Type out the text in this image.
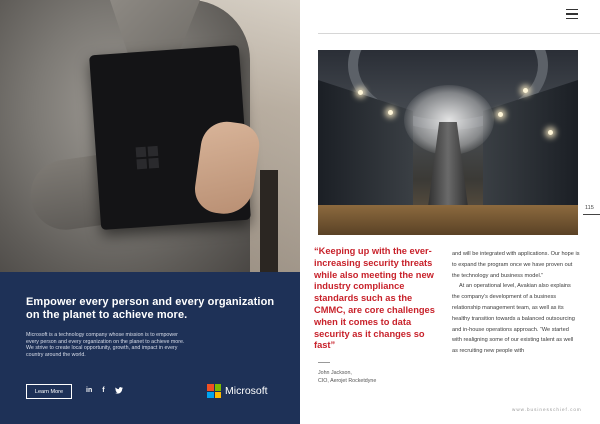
Empower every person and every organization on the planet to achieve more.
Microsoft is a technology company whose mission is to empower every person and every organization on the planet to achieve more. We strive to create local opportunity, growth, and impact in every country around the world.
Learn More	in f	Microsoft
115
“Keeping up with the ever-increasing security threats while also meeting the new industry compliance standards such as the CMMC, are core challenges when it comes to data security as it changes so fast”
John Jackson,
CIO, Aerojet Rocketdyne

and will be integrated with applications. Our hope is to expand the program once we have proven out the technology and business model.”

At an operational level, Avakian also explains the company’s development of a business relationship management team, as well as its healthy transition towards a balanced outsourcing and in-house operations approach. “We started with realigning some of our existing talent as well as recruiting new people with

www.businesschief.com
